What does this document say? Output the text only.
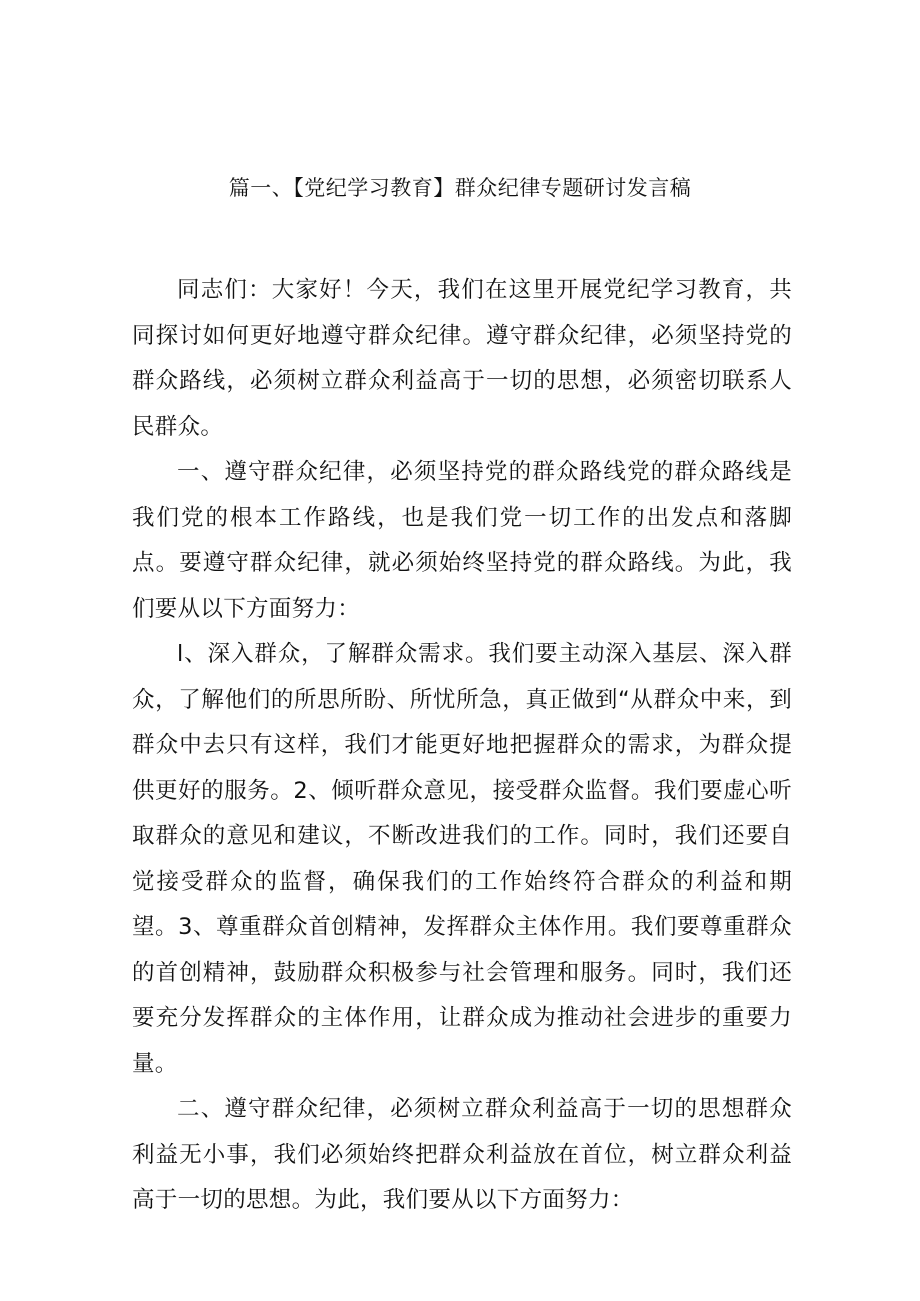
篇一、【党纪学习教育】群众纪律专题研讨发言稿

同志们：大家好！今天，我们在这里开展党纪学习教育，共同探讨如何更好地遵守群众纪律。遵守群众纪律，必须坚持党的群众路线，必须树立群众利益高于一切的思想，必须密切联系人民群众。

一、遵守群众纪律，必须坚持党的群众路线党的群众路线是我们党的根本工作路线，也是我们党一切工作的出发点和落脚点。要遵守群众纪律，就必须始终坚持党的群众路线。为此，我们要从以下方面努力：

l、深入群众，了解群众需求。我们要主动深入基层、深入群众，了解他们的所思所盼、所忧所急，真正做到“从群众中来，到群众中去只有这样，我们才能更好地把握群众的需求，为群众提供更好的服务。2、倾听群众意见，接受群众监督。我们要虚心听取群众的意见和建议，不断改进我们的工作。同时，我们还要自觉接受群众的监督，确保我们的工作始终符合群众的利益和期望。3、尊重群众首创精神，发挥群众主体作用。我们要尊重群众的首创精神，鼓励群众积极参与社会管理和服务。同时，我们还要充分发挥群众的主体作用，让群众成为推动社会进步的重要力量。

二、遵守群众纪律，必须树立群众利益高于一切的思想群众利益无小事，我们必须始终把群众利益放在首位，树立群众利益高于一切的思想。为此，我们要从以下方面努力：
